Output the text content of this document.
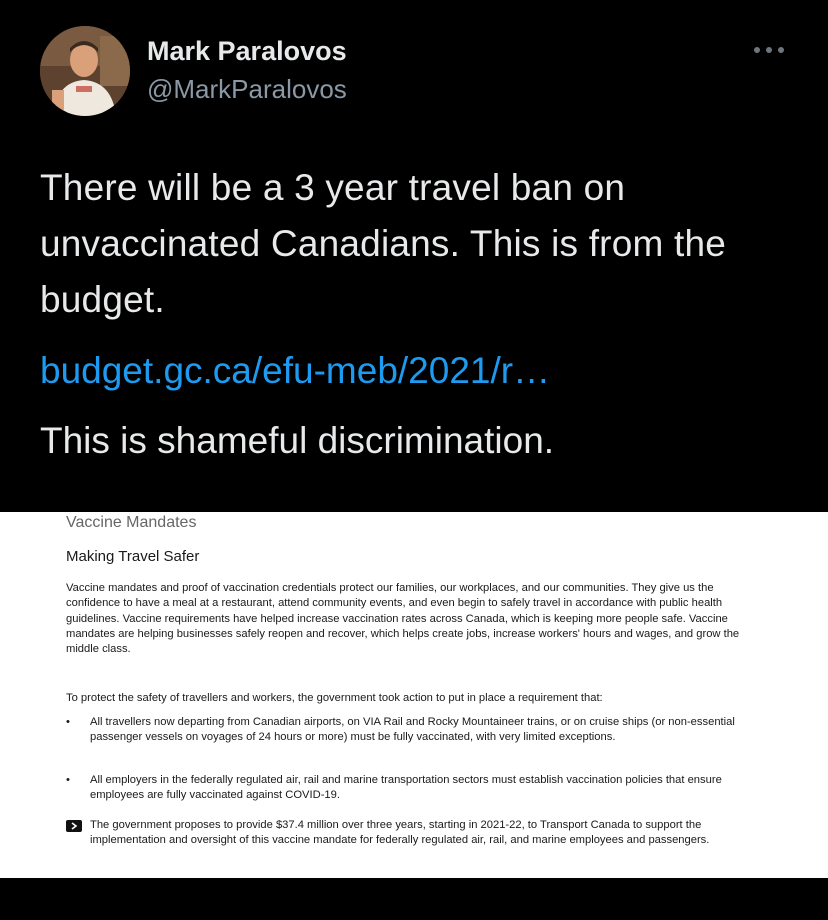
Mark Paralovos
@MarkParalovos
There will be a 3 year travel ban on unvaccinated Canadians. This is from the budget.
budget.gc.ca/efu-meb/2021/r…
This is shameful discrimination.
Vaccine Mandates
Making Travel Safer
Vaccine mandates and proof of vaccination credentials protect our families, our workplaces, and our communities. They give us the confidence to have a meal at a restaurant, attend community events, and even begin to safely travel in accordance with public health guidelines. Vaccine requirements have helped increase vaccination rates across Canada, which is keeping more people safe. Vaccine mandates are helping businesses safely reopen and recover, which helps create jobs, increase workers' hours and wages, and grow the middle class.
To protect the safety of travellers and workers, the government took action to put in place a requirement that:
• All travellers now departing from Canadian airports, on VIA Rail and Rocky Mountaineer trains, or on cruise ships (or non-essential passenger vessels on voyages of 24 hours or more) must be fully vaccinated, with very limited exceptions.
• All employers in the federally regulated air, rail and marine transportation sectors must establish vaccination policies that ensure employees are fully vaccinated against COVID-19.
The government proposes to provide $37.4 million over three years, starting in 2021-22, to Transport Canada to support the implementation and oversight of this vaccine mandate for federally regulated air, rail, and marine employees and passengers.
